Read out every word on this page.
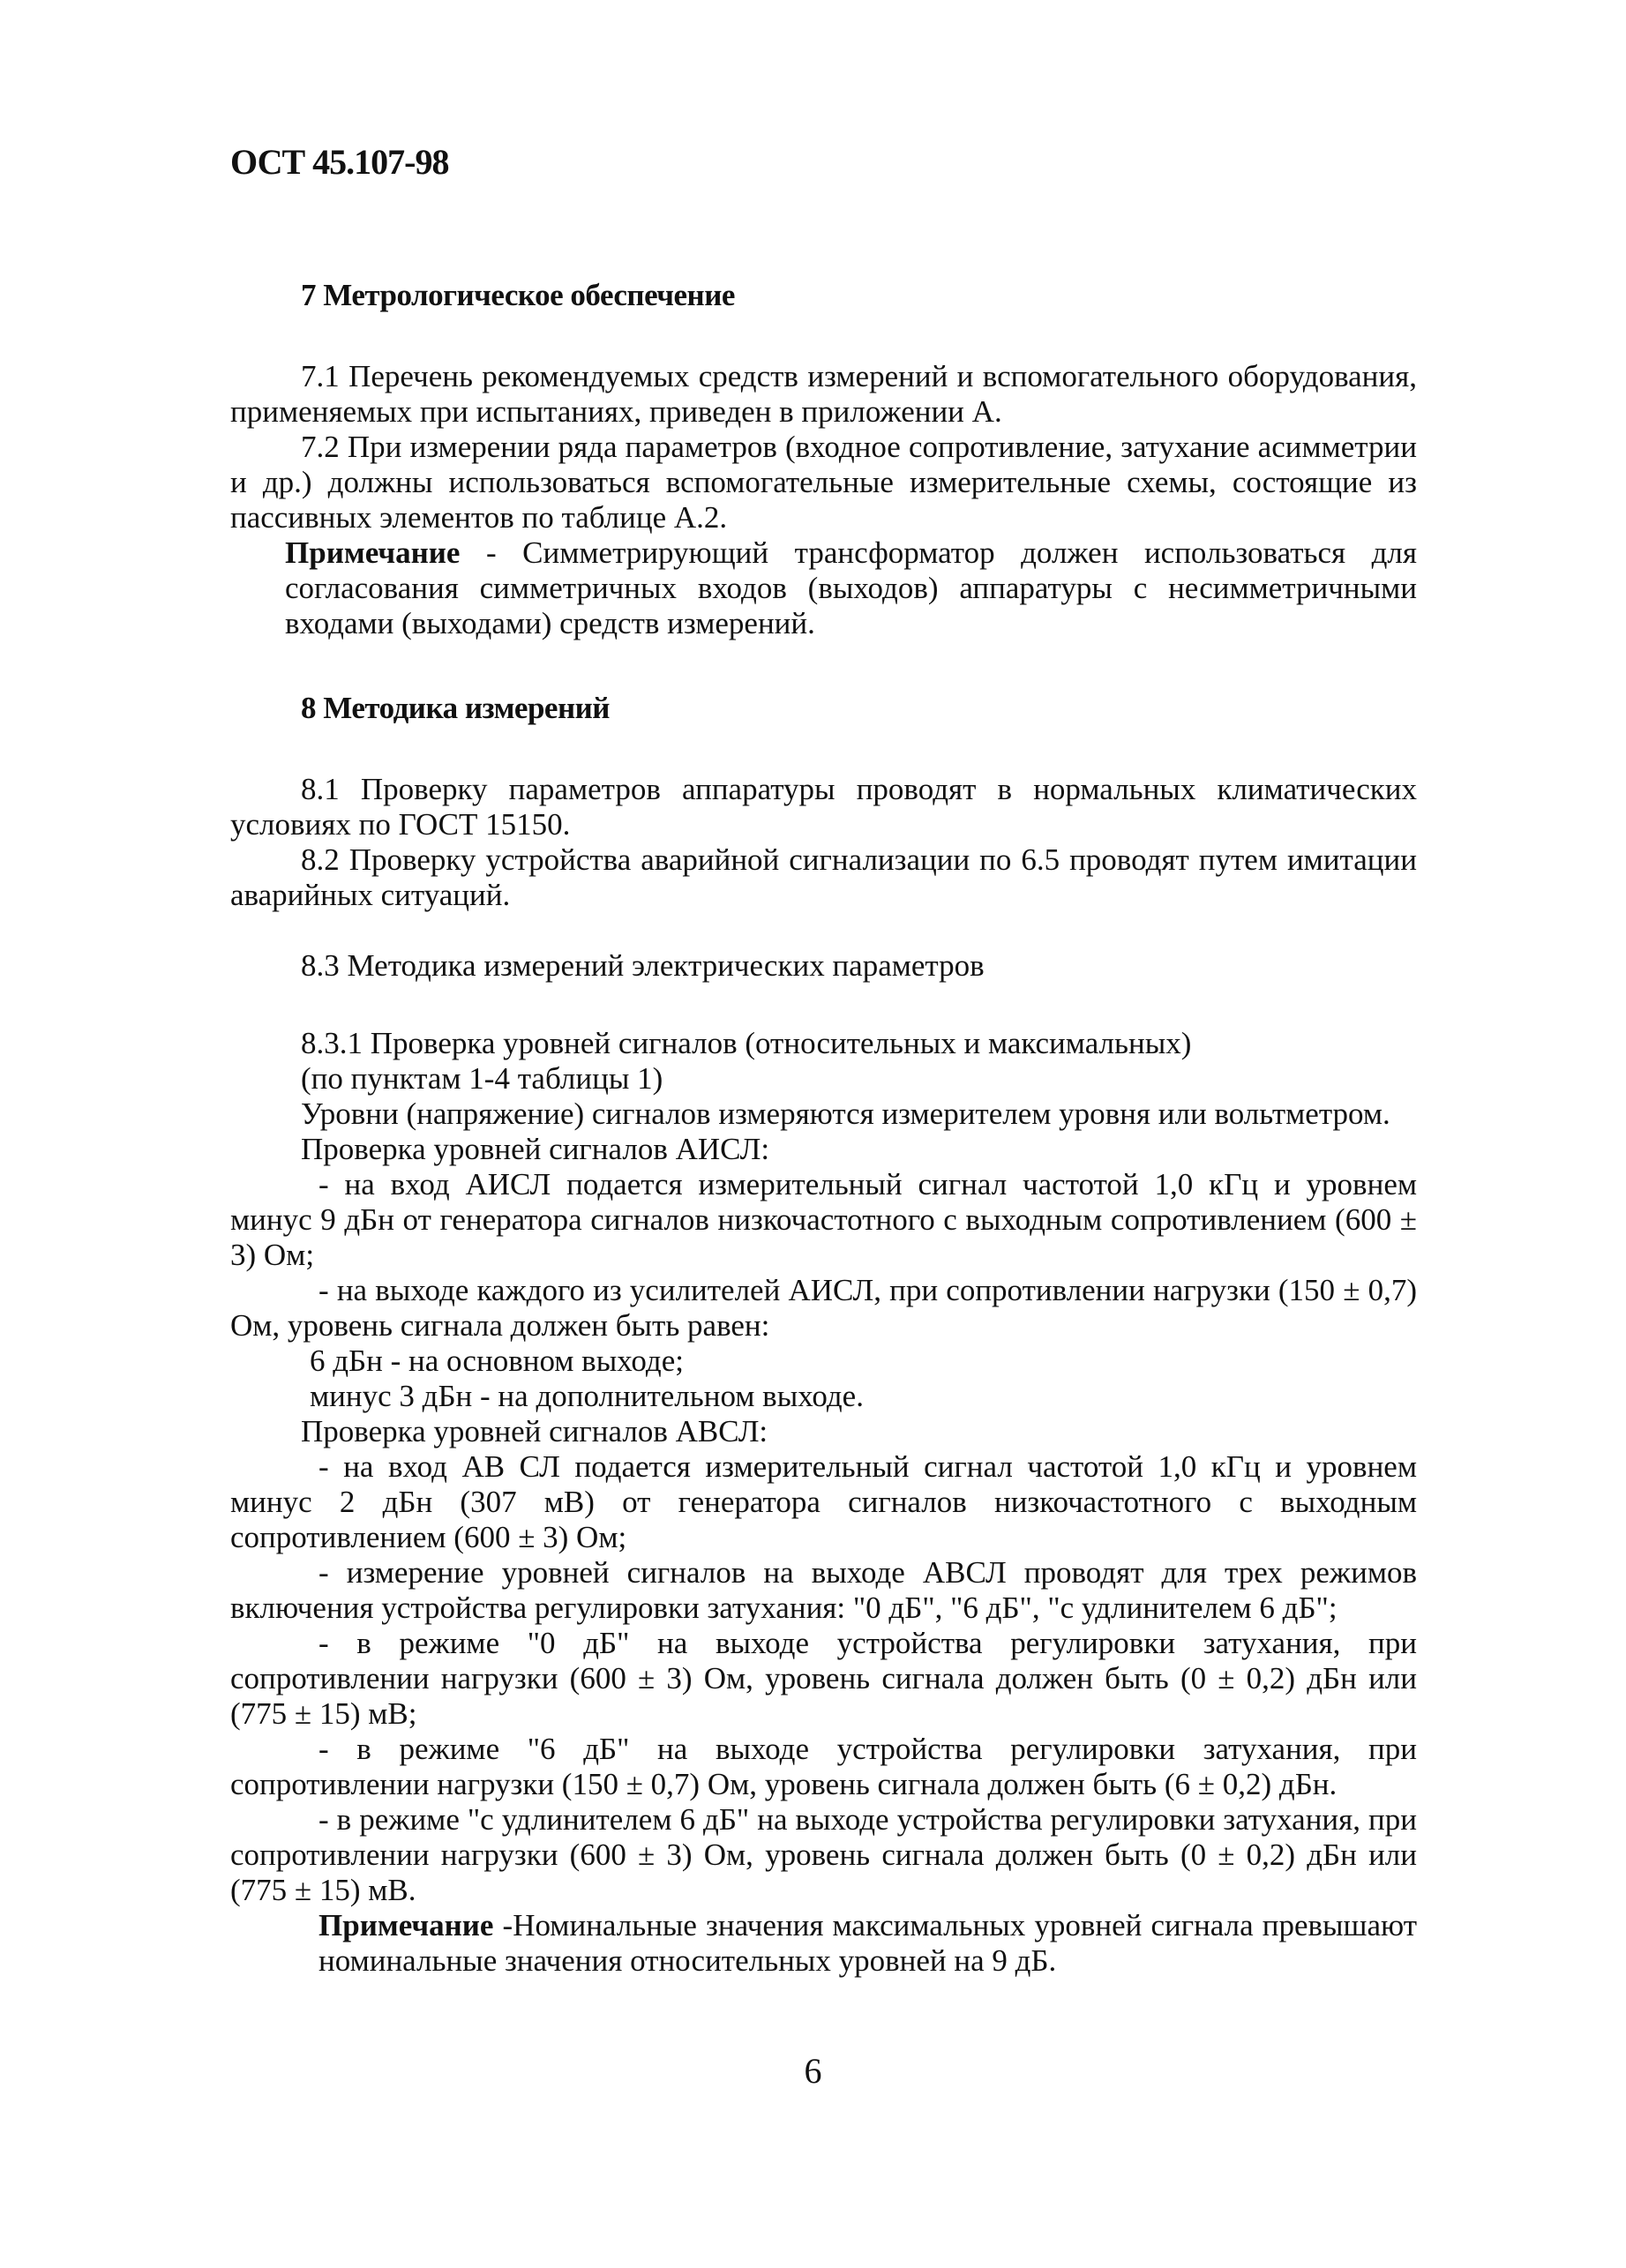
ОСТ 45.107-98
7 Метрологическое обеспечение

7.1 Перечень рекомендуемых средств измерений и вспомогательного оборудования, применяемых при испытаниях, приведен в приложении А.

7.2 При измерении ряда параметров (входное сопротивление, затухание асимметрии и др.) должны использоваться вспомогательные измерительные схемы, состоящие из пассивных элементов по таблице А.2.

Примечание - Симметрирующий трансформатор должен использоваться для согласования симметричных входов (выходов) аппаратуры с несимметричными входами (выходами) средств измерений.

8 Методика измерений

8.1 Проверку параметров аппаратуры проводят в нормальных климатических условиях по ГОСТ 15150.

8.2 Проверку устройства аварийной сигнализации по 6.5 проводят путем имитации аварийных ситуаций.

8.3 Методика измерений электрических параметров

8.3.1 Проверка уровней сигналов (относительных и максимальных)

(по пунктам 1-4 таблицы 1)

Уровни (напряжение) сигналов измеряются измерителем уровня или вольтметром.

Проверка уровней сигналов АИСЛ:

- на вход АИСЛ подается измерительный сигнал частотой 1,0 кГц и уровнем минус 9 дБн от генератора сигналов низкочастотного с выходным сопротивлением (600 ± 3) Ом;

- на выходе каждого из усилителей АИСЛ, при сопротивлении нагрузки (150 ± 0,7) Ом, уровень сигнала должен быть равен:

6 дБн - на основном выходе;

минус 3 дБн - на дополнительном выходе.

Проверка уровней сигналов АВСЛ:

- на вход АВ СЛ подается измерительный сигнал частотой 1,0 кГц и уровнем минус 2 дБн (307 мВ) от генератора сигналов низкочастотного с выходным сопротивлением (600 ± 3) Ом;

- измерение уровней сигналов на выходе АВСЛ проводят для трех режимов включения устройства регулировки затухания: "0 дБ", "6 дБ", "с удлинителем 6 дБ";

- в режиме "0 дБ" на выходе устройства регулировки затухания, при сопротивлении нагрузки (600 ± 3) Ом, уровень сигнала должен быть (0 ± 0,2) дБн или (775 ± 15) мВ;

- в режиме "6 дБ" на выходе устройства регулировки затухания, при сопротивлении нагрузки (150 ± 0,7) Ом, уровень сигнала должен быть (6 ± 0,2) дБн.

- в режиме "с удлинителем 6 дБ" на выходе устройства регулировки затухания, при сопротивлении нагрузки (600 ± 3) Ом, уровень сигнала должен быть (0 ± 0,2) дБн или (775 ± 15) мВ.

Примечание -Номинальные значения максимальных уровней сигнала превышают номинальные значения относительных уровней на 9 дБ.

6
